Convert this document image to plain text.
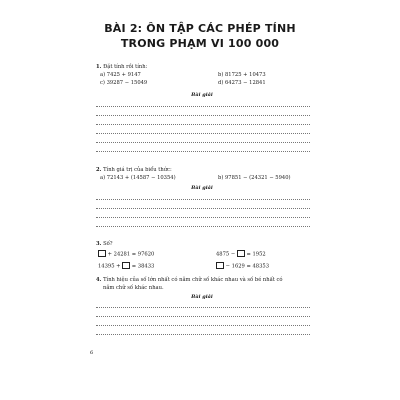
BÀI 2: ÔN TẬP CÁC PHÉP TÍNH
TRONG PHẠM VI 100 000
1. Đặt tính rồi tính:
a) 7425 + 9147	b) 81725 + 10473
c) 39287 − 15049	d) 64273 − 12841
Bài giải
2. Tính giá trị của biểu thức:
a) 72143 + (14587 − 10354)	b) 97851 − (24321 − 5940)
Bài giải
3. Số?
+ 24281 = 97620	4875 −  = 1952
14395 +  = 38433	− 1629 = 48353
4. Tính hiệu của số lớn nhất có năm chữ số khác nhau và số bé nhất có
năm chữ số khác nhau.
Bài giải
6
